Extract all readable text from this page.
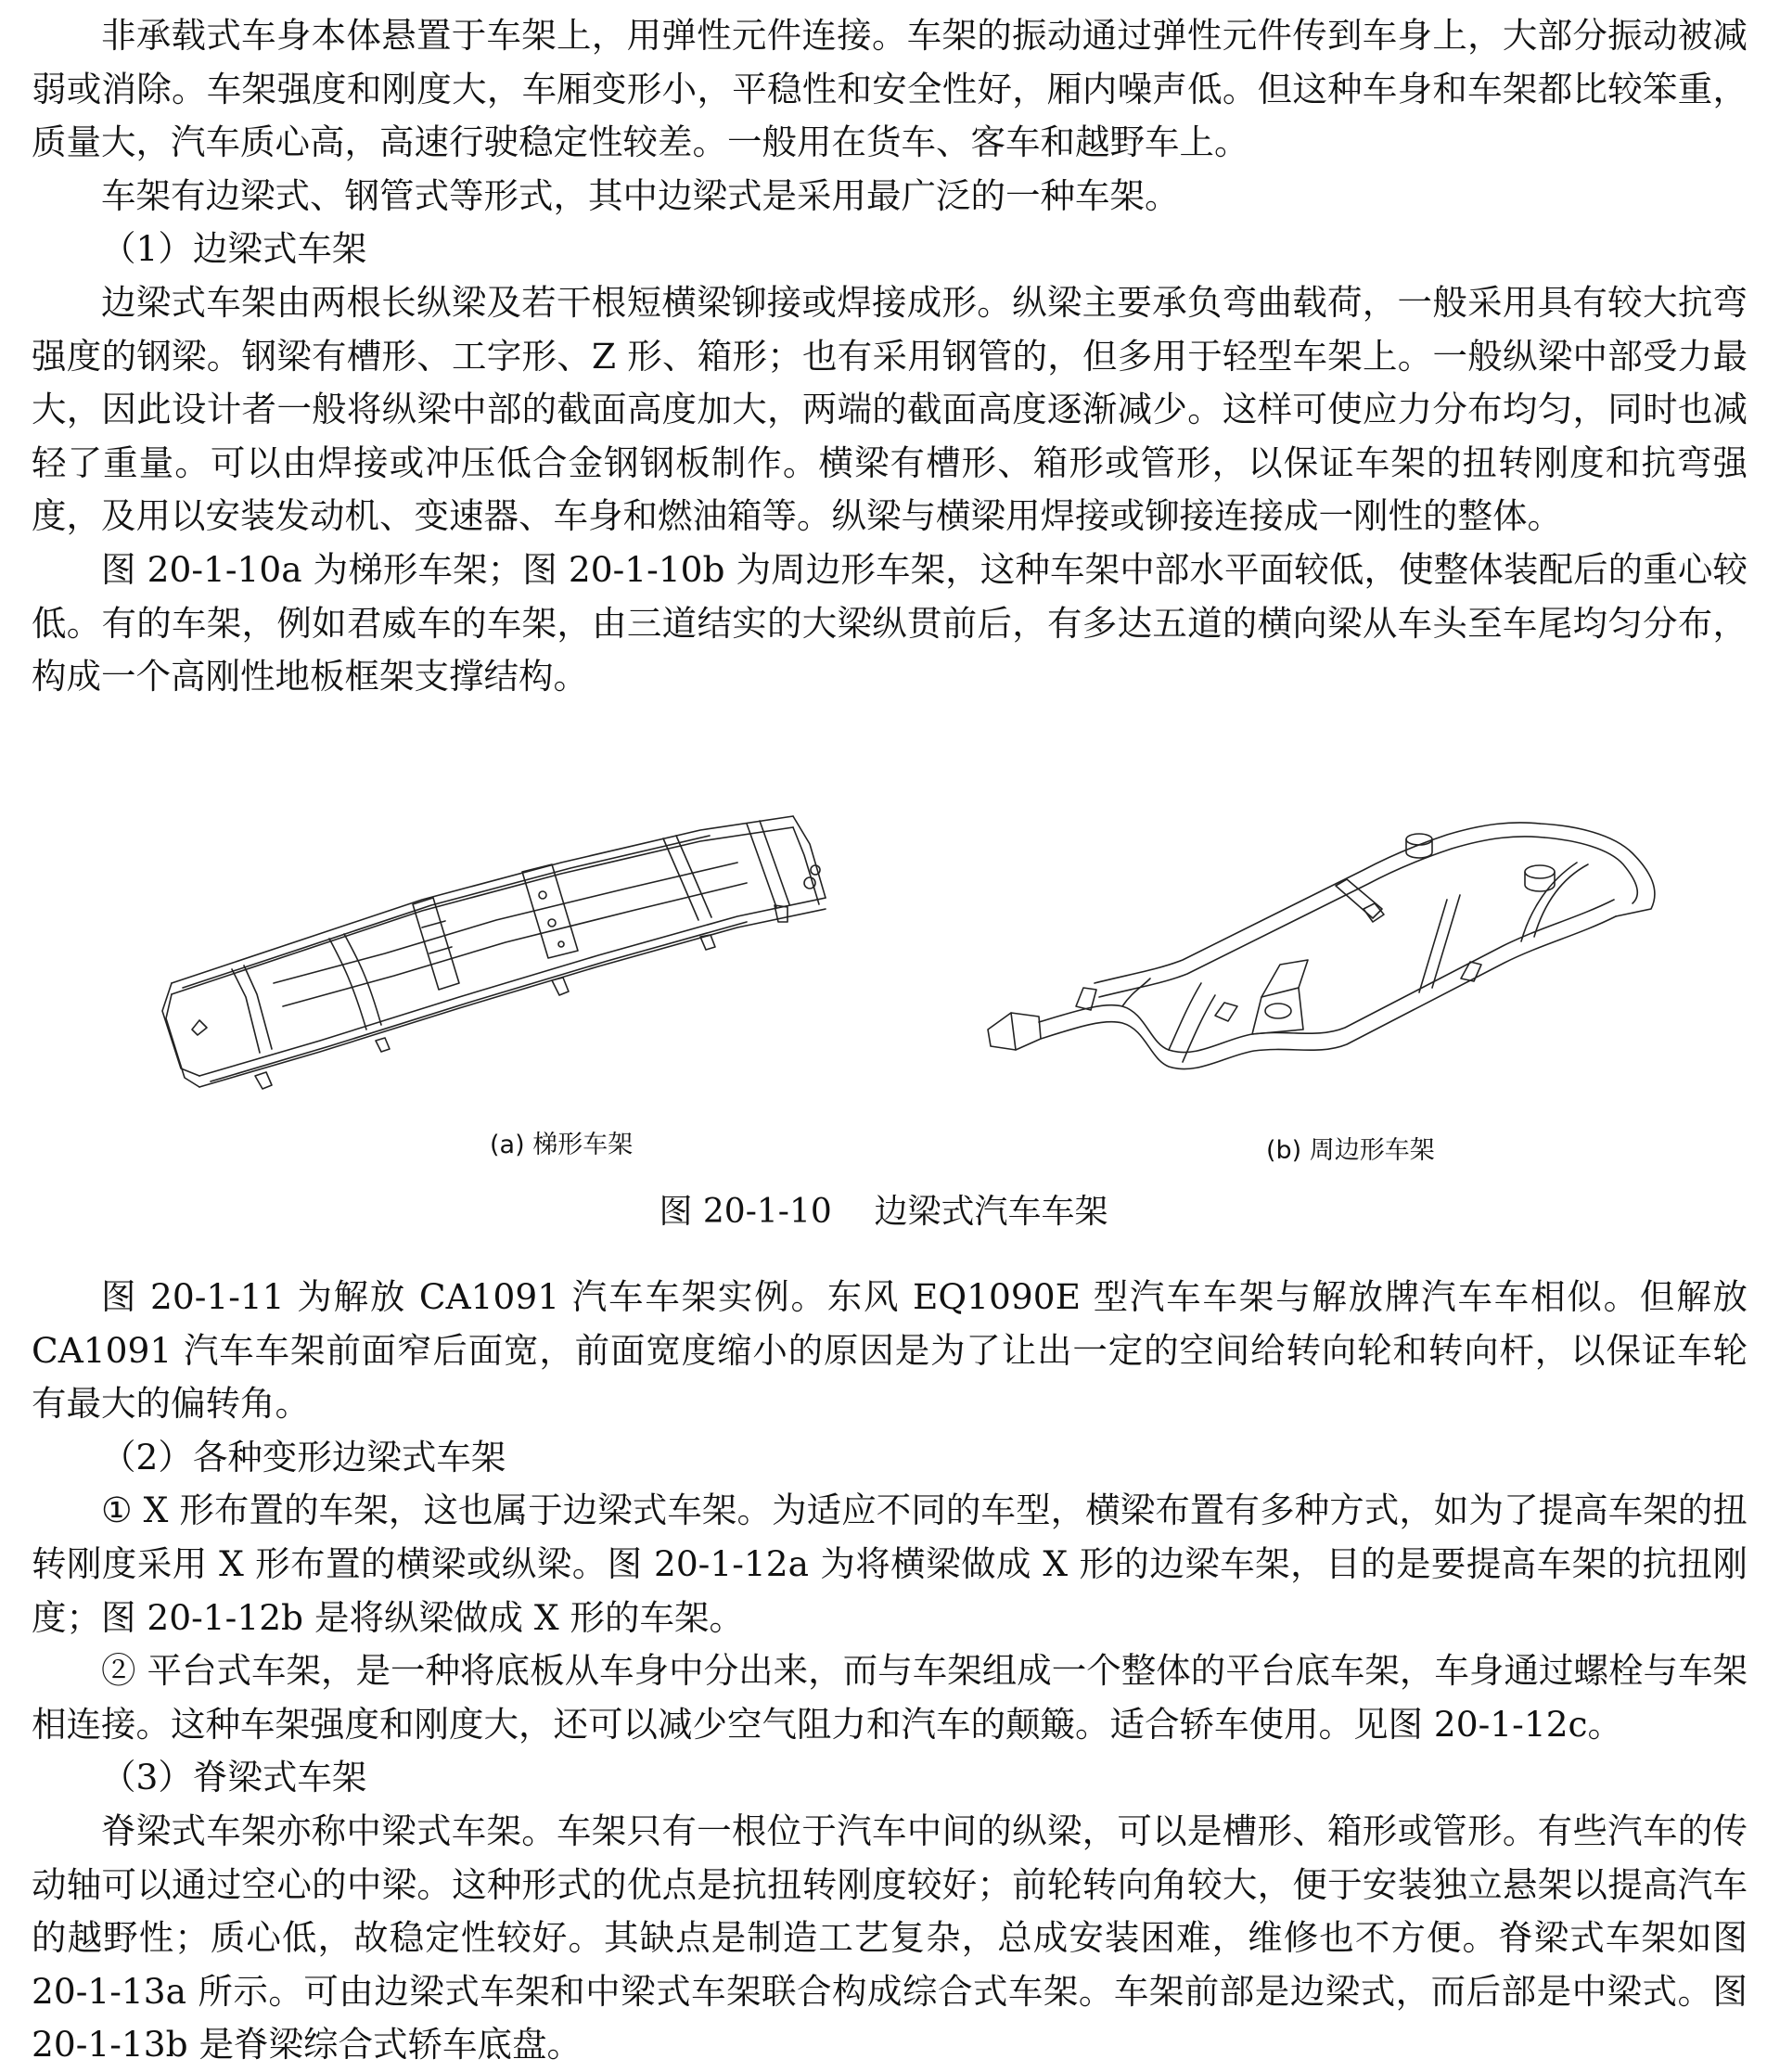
非承载式车身本体悬置于车架上，用弹性元件连接。车架的振动通过弹性元件传到车身上，大部分振动被减弱或消除。车架强度和刚度大，车厢变形小，平稳性和安全性好，厢内噪声低。但这种车身和车架都比较笨重，质量大，汽车质心高，高速行驶稳定性较差。一般用在货车、客车和越野车上。

车架有边梁式、钢管式等形式，其中边梁式是采用最广泛的一种车架。

（1）边梁式车架

边梁式车架由两根长纵梁及若干根短横梁铆接或焊接成形。纵梁主要承负弯曲载荷，一般采用具有较大抗弯强度的钢梁。钢梁有槽形、工字形、Z 形、箱形；也有采用钢管的，但多用于轻型车架上。一般纵梁中部受力最大，因此设计者一般将纵梁中部的截面高度加大，两端的截面高度逐渐减少。这样可使应力分布均匀，同时也减轻了重量。可以由焊接或冲压低合金钢钢板制作。横梁有槽形、箱形或管形，以保证车架的扭转刚度和抗弯强度，及用以安装发动机、变速器、车身和燃油箱等。纵梁与横梁用焊接或铆接连接成一刚性的整体。

图 20-1-10a 为梯形车架；图 20-1-10b 为周边形车架，这种车架中部水平面较低，使整体装配后的重心较低。有的车架，例如君威车的车架，由三道结实的大梁纵贯前后，有多达五道的横向梁从车头至车尾均匀分布，构成一个高刚性地板框架支撑结构。

(a) 梯形车架	(b) 周边形车架
图 20-1-10    边梁式汽车车架

图 20-1-11 为解放 CA1091 汽车车架实例。东风 EQ1090E 型汽车车架与解放牌汽车车相似。但解放 CA1091 汽车车架前面窄后面宽，前面宽度缩小的原因是为了让出一定的空间给转向轮和转向杆，以保证车轮有最大的偏转角。

（2）各种变形边梁式车架

① X 形布置的车架，这也属于边梁式车架。为适应不同的车型，横梁布置有多种方式，如为了提高车架的扭转刚度采用 X 形布置的横梁或纵梁。图 20-1-12a 为将横梁做成 X 形的边梁车架，目的是要提高车架的抗扭刚度；图 20-1-12b 是将纵梁做成 X 形的车架。

② 平台式车架，是一种将底板从车身中分出来，而与车架组成一个整体的平台底车架，车身通过螺栓与车架相连接。这种车架强度和刚度大，还可以减少空气阻力和汽车的颠簸。适合轿车使用。见图 20-1-12c。

（3）脊梁式车架

脊梁式车架亦称中梁式车架。车架只有一根位于汽车中间的纵梁，可以是槽形、箱形或管形。有些汽车的传动轴可以通过空心的中梁。这种形式的优点是抗扭转刚度较好；前轮转向角较大，便于安装独立悬架以提高汽车的越野性；质心低，故稳定性较好。其缺点是制造工艺复杂，总成安装困难，维修也不方便。脊梁式车架如图 20-1-13a 所示。可由边梁式车架和中梁式车架联合构成综合式车架。车架前部是边梁式，而后部是中梁式。图 20-1-13b 是脊梁综合式轿车底盘。
